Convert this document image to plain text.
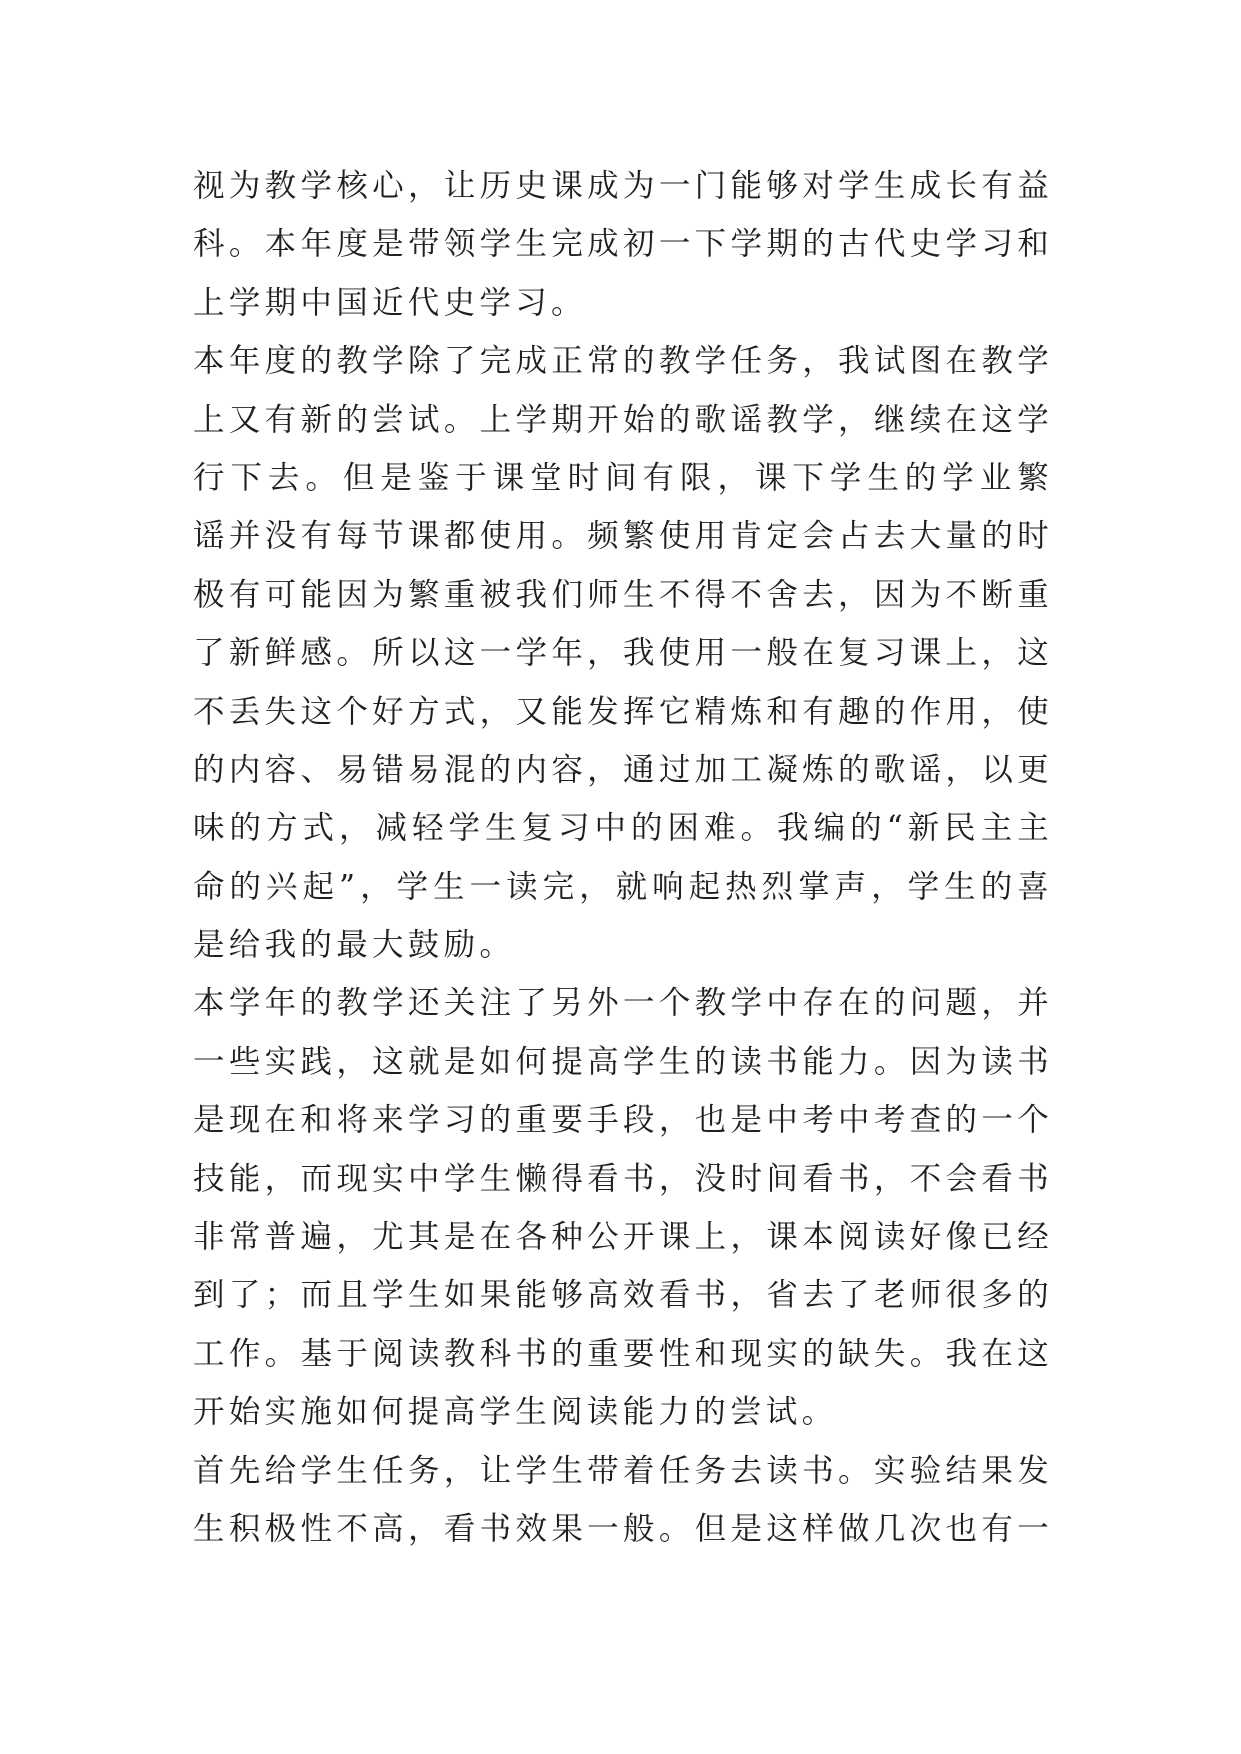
视为教学核心，让历史课成为一门能够对学生成长有益
科。本年度是带领学生完成初一下学期的古代史学习和
上学期中国近代史学习。
本年度的教学除了完成正常的教学任务，我试图在教学
上又有新的尝试。上学期开始的歌谣教学，继续在这学
行下去。但是鉴于课堂时间有限，课下学生的学业繁
谣并没有每节课都使用。频繁使用肯定会占去大量的时
极有可能因为繁重被我们师生不得不舍去，因为不断重
了新鲜感。所以这一学年，我使用一般在复习课上，这
不丢失这个好方式，又能发挥它精炼和有趣的作用，使
的内容、易错易混的内容，通过加工凝炼的歌谣，以更
味的方式，减轻学生复习中的困难。我编的“新民主主
命的兴起”，学生一读完，就响起热烈掌声，学生的喜
是给我的最大鼓励。
本学年的教学还关注了另外一个教学中存在的问题，并
一些实践，这就是如何提高学生的读书能力。因为读书
是现在和将来学习的重要手段，也是中考中考查的一个
技能，而现实中学生懒得看书，没时间看书，不会看书
非常普遍，尤其是在各种公开课上，课本阅读好像已经
到了；而且学生如果能够高效看书，省去了老师很多的
工作。基于阅读教科书的重要性和现实的缺失。我在这
开始实施如何提高学生阅读能力的尝试。
首先给学生任务，让学生带着任务去读书。实验结果发
生积极性不高，看书效果一般。但是这样做几次也有一
